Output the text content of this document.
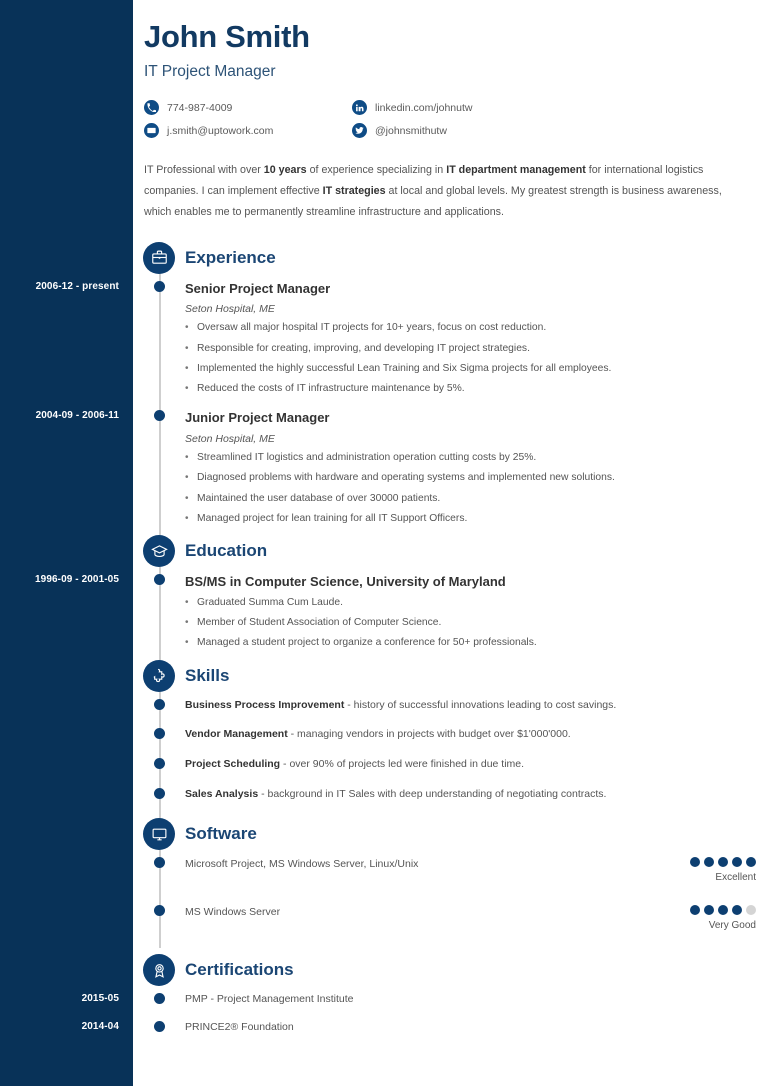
John Smith
IT Project Manager
774-987-4009	linkedin.com/johnutw
j.smith@uptowork.com	@johnsmithutw
IT Professional with over 10 years of experience specializing in IT department management for international logistics companies. I can implement effective IT strategies at local and global levels. My greatest strength is business awareness, which enables me to permanently streamline infrastructure and applications.
Experience
2006-12 - present	Senior Project Manager
Seton Hospital, ME
• Oversaw all major hospital IT projects for 10+ years, focus on cost reduction.
• Responsible for creating, improving, and developing IT project strategies.
• Implemented the highly successful Lean Training and Six Sigma projects for all employees.
• Reduced the costs of IT infrastructure maintenance by 5%.
2004-09 - 2006-11	Junior Project Manager
Seton Hospital, ME
• Streamlined IT logistics and administration operation cutting costs by 25%.
• Diagnosed problems with hardware and operating systems and implemented new solutions.
• Maintained the user database of over 30000 patients.
• Managed project for lean training for all IT Support Officers.
Education
1996-09 - 2001-05	BS/MS in Computer Science, University of Maryland
• Graduated Summa Cum Laude.
• Member of Student Association of Computer Science.
• Managed a student project to organize a conference for 50+ professionals.
Skills
Business Process Improvement - history of successful innovations leading to cost savings.
Vendor Management - managing vendors in projects with budget over $1'000'000.
Project Scheduling - over 90% of projects led were finished in due time.
Sales Analysis - background in IT Sales with deep understanding of negotiating contracts.
Software
Microsoft Project, MS Windows Server, Linux/Unix
Excellent
MS Windows Server
Very Good
Certifications
2015-05	PMP - Project Management Institute
2014-04	PRINCE2® Foundation
